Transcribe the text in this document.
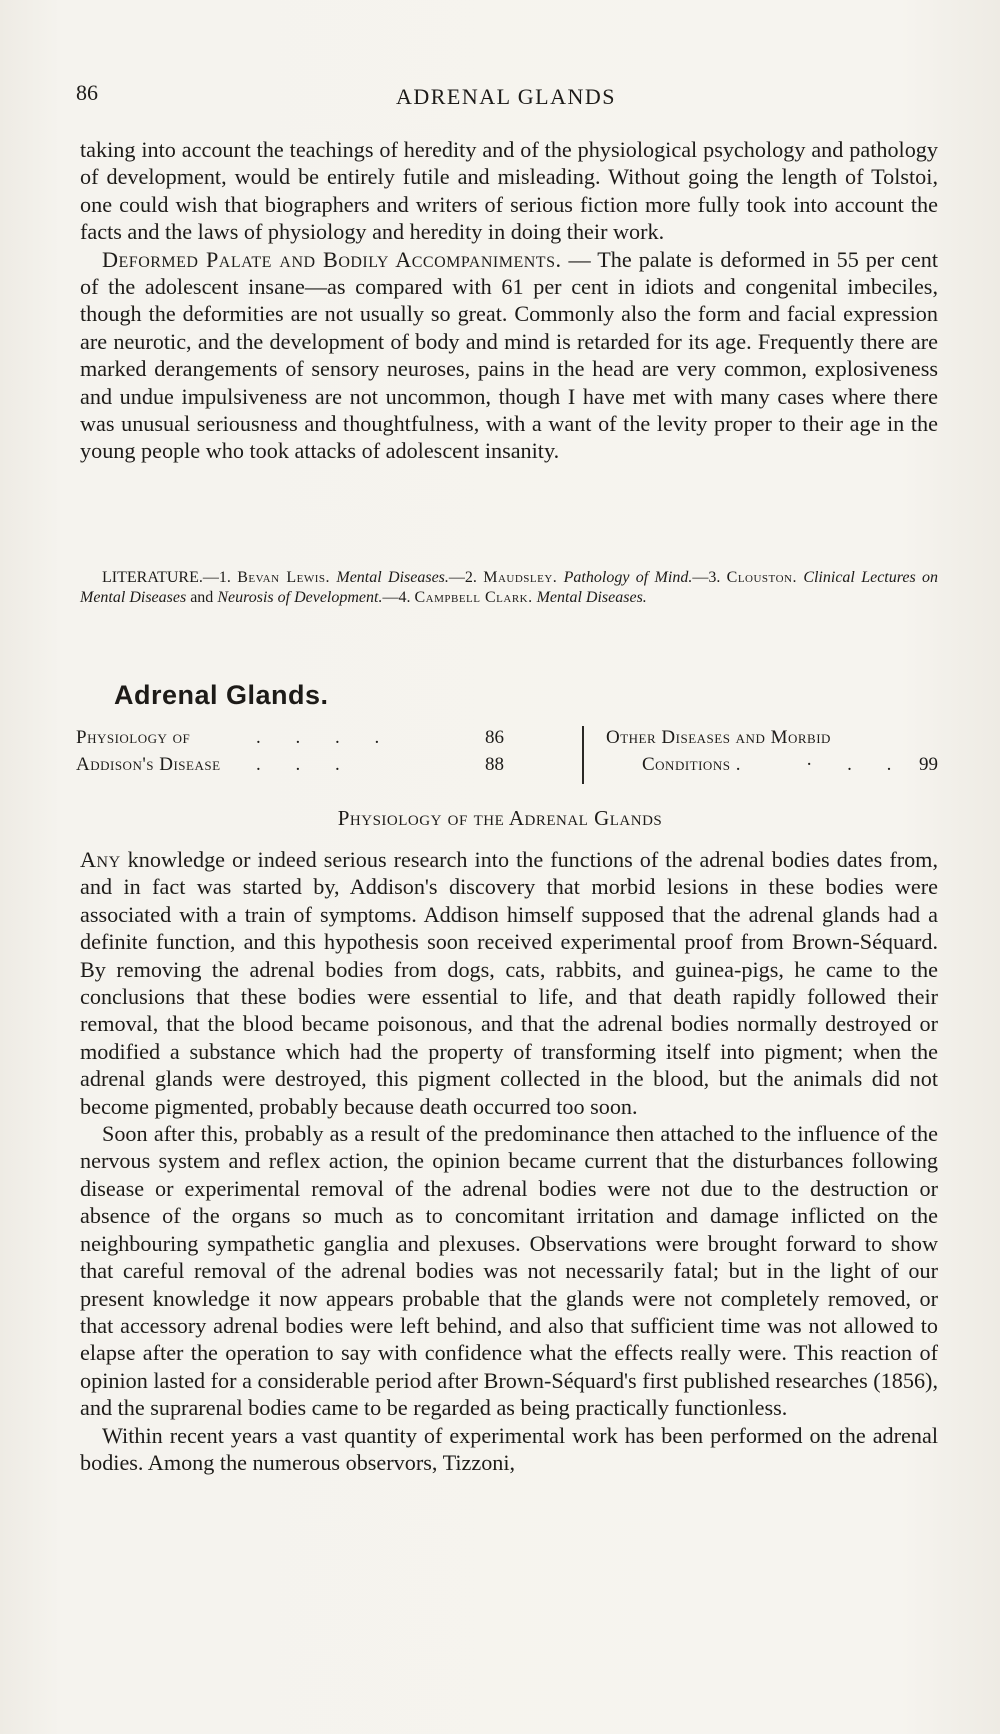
86	ADRENAL GLANDS

taking into account the teachings of heredity and of the physiological psychology and pathology of development, would be entirely futile and misleading. Without going the length of Tolstoi, one could wish that biographers and writers of serious fiction more fully took into account the facts and the laws of physiology and heredity in doing their work.

Deformed Palate and Bodily Accompaniments. — The palate is deformed in 55 per cent of the adolescent insane—as compared with 61 per cent in idiots and congenital imbeciles, though the deformities are not usually so great. Commonly also the form and facial expression are neurotic, and the development of body and mind is retarded for its age. Frequently there are marked derangements of sensory neuroses, pains in the head are very common, explosiveness and undue impulsiveness are not uncommon, though I have met with many cases where there was unusual seriousness and thoughtfulness, with a want of the levity proper to their age in the young people who took attacks of adolescent insanity.

LITERATURE.—1. Bevan Lewis. Mental Diseases.—2. Maudsley. Pathology of Mind.—3. Clouston. Clinical Lectures on Mental Diseases and Neurosis of Development.—4. Campbell Clark. Mental Diseases.
Adrenal Glands.
Physiology of	. . . .	86
Addison's Disease . . .	88
Other Diseases and Morbid
Conditions .	· . . 99
Physiology of the Adrenal Glands

Any knowledge or indeed serious research into the functions of the adrenal bodies dates from, and in fact was started by, Addison's discovery that morbid lesions in these bodies were associated with a train of symptoms. Addison himself supposed that the adrenal glands had a definite function, and this hypothesis soon received experimental proof from Brown-Séquard. By removing the adrenal bodies from dogs, cats, rabbits, and guinea-pigs, he came to the conclusions that these bodies were essential to life, and that death rapidly followed their removal, that the blood became poisonous, and that the adrenal bodies normally destroyed or modified a substance which had the property of transforming itself into pigment; when the adrenal glands were destroyed, this pigment collected in the blood, but the animals did not become pigmented, probably because death occurred too soon.

Soon after this, probably as a result of the predominance then attached to the influence of the nervous system and reflex action, the opinion became current that the disturbances following disease or experimental removal of the adrenal bodies were not due to the destruction or absence of the organs so much as to concomitant irritation and damage inflicted on the neighbouring sympathetic ganglia and plexuses. Observations were brought forward to show that careful removal of the adrenal bodies was not necessarily fatal; but in the light of our present knowledge it now appears probable that the glands were not completely removed, or that accessory adrenal bodies were left behind, and also that sufficient time was not allowed to elapse after the operation to say with confidence what the effects really were. This reaction of opinion lasted for a considerable period after Brown-Séquard's first published researches (1856), and the suprarenal bodies came to be regarded as being practically functionless.

Within recent years a vast quantity of experimental work has been performed on the adrenal bodies. Among the numerous observors, Tizzoni,
